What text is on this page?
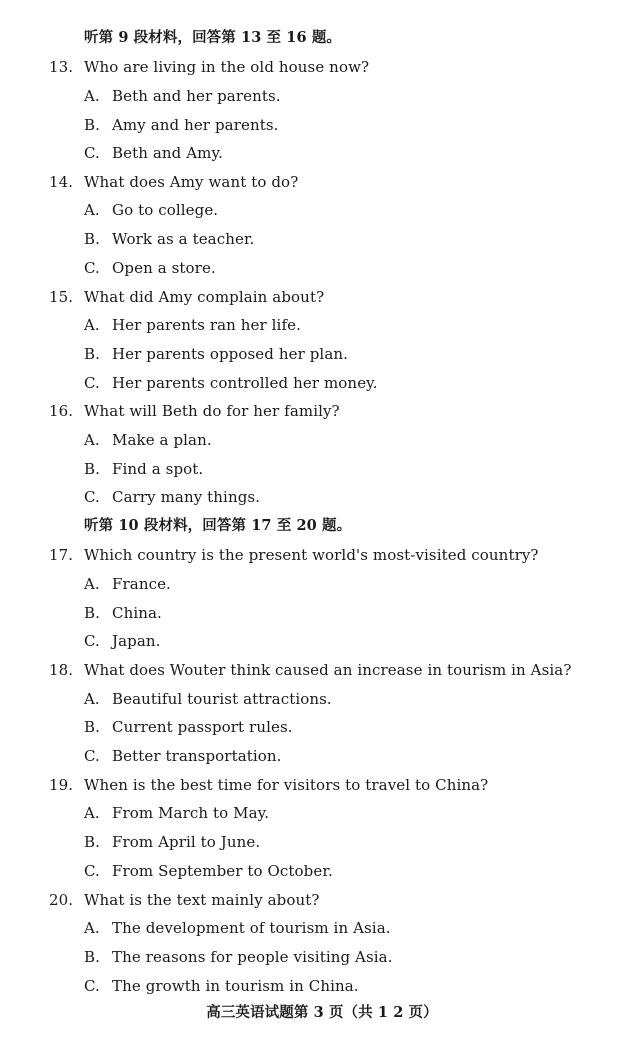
听第 9 段材料，回答第 13 至 16 题。
13. Who are living in the old house now?
A. Beth and her parents.
B. Amy and her parents.
C. Beth and Amy.
14. What does Amy want to do?
A. Go to college.
B. Work as a teacher.
C. Open a store.
15. What did Amy complain about?
A. Her parents ran her life.
B. Her parents opposed her plan.
C. Her parents controlled her money.
16. What will Beth do for her family?
A. Make a plan.
B. Find a spot.
C. Carry many things.
听第 10 段材料，回答第 17 至 20 题。
17. Which country is the present world's most-visited country?
A. France.
B. China.
C. Japan.
18. What does Wouter think caused an increase in tourism in Asia?
A. Beautiful tourist attractions.
B. Current passport rules.
C. Better transportation.
19. When is the best time for visitors to travel to China?
A. From March to May.
B. From April to June.
C. From September to October.
20. What is the text mainly about?
A. The development of tourism in Asia.
B. The reasons for people visiting Asia.
C. The growth in tourism in China.
高三英语试题第 3 页（共 1 2 页）
